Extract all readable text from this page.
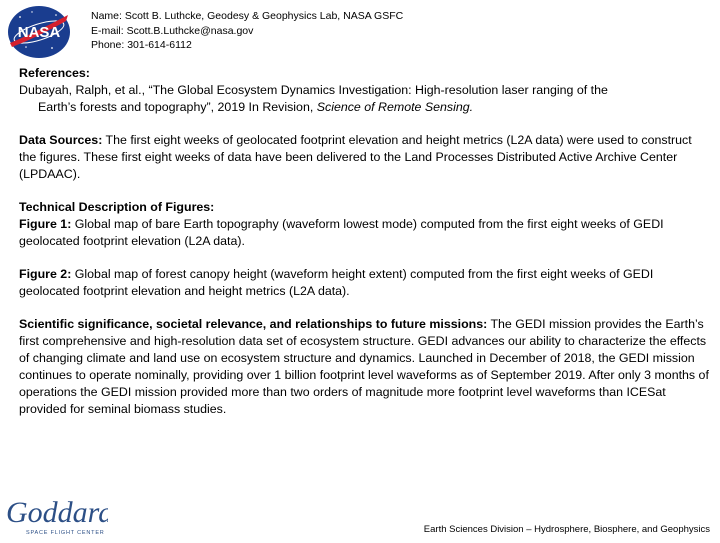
NASA
Name: Scott B. Luthcke, Geodesy & Geophysics Lab, NASA GSFC
E-mail: Scott.B.Luthcke@nasa.gov
Phone: 301-614-6112

References:
Dubayah, Ralph, et al., “The Global Ecosystem Dynamics Investigation: High-resolution laser ranging of the

Earth’s forests and topography”, 2019 In Revision, Science of Remote Sensing.

Data Sources: The first eight weeks of geolocated footprint elevation and height metrics (L2A data) were used to construct the figures. These first eight weeks of data have been delivered to the Land Processes Distributed Active Archive Center (LPDAAC).

Technical Description of Figures:
Figure 1: Global map of bare Earth topography (waveform lowest mode) computed from the first eight weeks of GEDI geolocated footprint elevation (L2A data).

Figure 2: Global map of forest canopy height (waveform height extent) computed from the first eight weeks of GEDI geolocated footprint elevation and height metrics (L2A data).

Scientific significance, societal relevance, and relationships to future missions: The GEDI mission provides the Earth’s first comprehensive and high-resolution data set of ecosystem structure. GEDI advances our ability to characterize the effects of changing climate and land use on ecosystem structure and dynamics. Launched in December of 2018, the GEDI mission continues to operate nominally, providing over 1 billion footprint level waveforms as of September 2019. After only 3 months of operations the GEDI mission provided more than two orders of magnitude more footprint level waveforms than ICESat provided for seminal biomass studies.

Goddard
SPACE FLIGHT CENTER	Earth Sciences Division – Hydrosphere, Biosphere, and Geophysics
